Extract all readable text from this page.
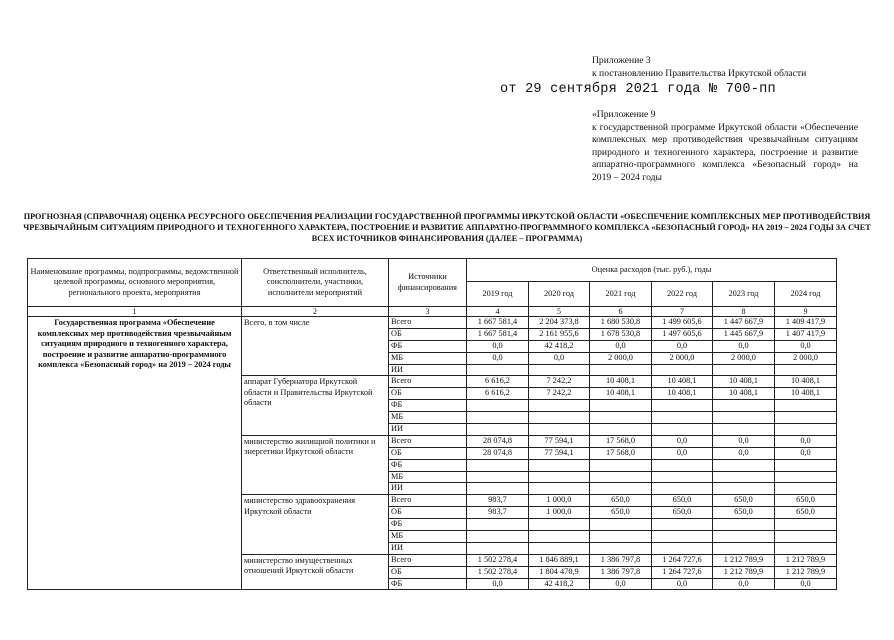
Приложение 3
к постановлению Правительства Иркутской области
от 29 сентября 2021 года № 700-пп
«Приложение 9
к государственной программе Иркутской области «Обеспечение комплексных мер противодействия чрезвычайным ситуациям природного и техногенного характера, построение и развитие аппаратно-программного комплекса «Безопасный город» на 2019 – 2024 годы
ПРОГНОЗНАЯ (СПРАВОЧНАЯ) ОЦЕНКА РЕСУРСНОГО ОБЕСПЕЧЕНИЯ РЕАЛИЗАЦИИ ГОСУДАРСТВЕННОЙ ПРОГРАММЫ ИРКУТСКОЙ ОБЛАСТИ «ОБЕСПЕЧЕНИЕ КОМПЛЕКСНЫХ МЕР ПРОТИВОДЕЙСТВИЯ ЧРЕЗВЫЧАЙНЫМ СИТУАЦИЯМ ПРИРОДНОГО И ТЕХНОГЕННОГО ХАРАКТЕРА, ПОСТРОЕНИЕ И РАЗВИТИЕ АППАРАТНО-ПРОГРАММНОГО КОМПЛЕКСА «БЕЗОПАСНЫЙ ГОРОД» НА 2019 – 2024 ГОДЫ ЗА СЧЕТ ВСЕХ ИСТОЧНИКОВ ФИНАНСИРОВАНИЯ (ДАЛЕЕ – ПРОГРАММА)
Наименование программы, подпрограммы, ведомственной целевой программы, основного мероприятия, регионального проекта, мероприятия	Ответственный исполнитель, соисполнители, участники, исполнители мероприятий	Источники финансирования	Оценка расходов (тыс. руб.), годы					
			2019 год	2020 год	2021 год	2022 год	2023 год	2024 год
1	2	3	4	5	6	7	8	9
Государственная программа «Обеспечение комплексных мер противодействия чрезвычайным ситуациям природного и техногенного характера, построение и развитие аппаратно-программного комплекса «Безопасный город» на 2019 – 2024 годы	Всего, в том числе	Всего	1 667 581,4	2 204 373,8	1 680 530,8	1 499 605,6	1 447 667,9	1 409 417,9
		ОБ	1 667 581,4	2 161 955,6	1 678 530,8	1 497 605,6	1 445 667,9	1 407 417,9
		ФБ	0,0	42 418,2	0,0	0,0	0,0	0,0
		МБ	0,0	0,0	2 000,0	2 000,0	2 000,0	2 000,0
		ИИ						
	аппарат Губернатора Иркутской области и Правительства Иркутской области	Всего	6 616,2	7 242,2	10 408,1	10 408,1	10 408,1	10 408,1
		ОБ	6 616,2	7 242,2	10 408,1	10 408,1	10 408,1	10 408,1
		ФБ						
		МБ						
		ИИ						
	министерство жилищной политики и энергетики Иркутской области	Всего	28 074,8	77 594,1	17 568,0	0,0	0,0	0,0
		ОБ	28 074,8	77 594,1	17 568,0	0,0	0,0	0,0
		ФБ						
		МБ						
		ИИ						
	министерство здравоохранения Иркутской области	Всего	983,7	1 000,0	650,0	650,0	650,0	650,0
		ОБ	983,7	1 000,0	650,0	650,0	650,0	650,0
		ФБ						
		МБ						
		ИИ						
	министерство имущественных отношений Иркутской области	Всего	1 502 278,4	1 846 889,1	1 386 797,8	1 264 727,6	1 212 789,9	1 212 789,9
		ОБ	1 502 278,4	1 804 470,9	1 386 797,8	1 264 727,6	1 212 789,9	1 212 789,9
		ФБ	0,0	42 418,2	0,0	0,0	0,0	0,0
